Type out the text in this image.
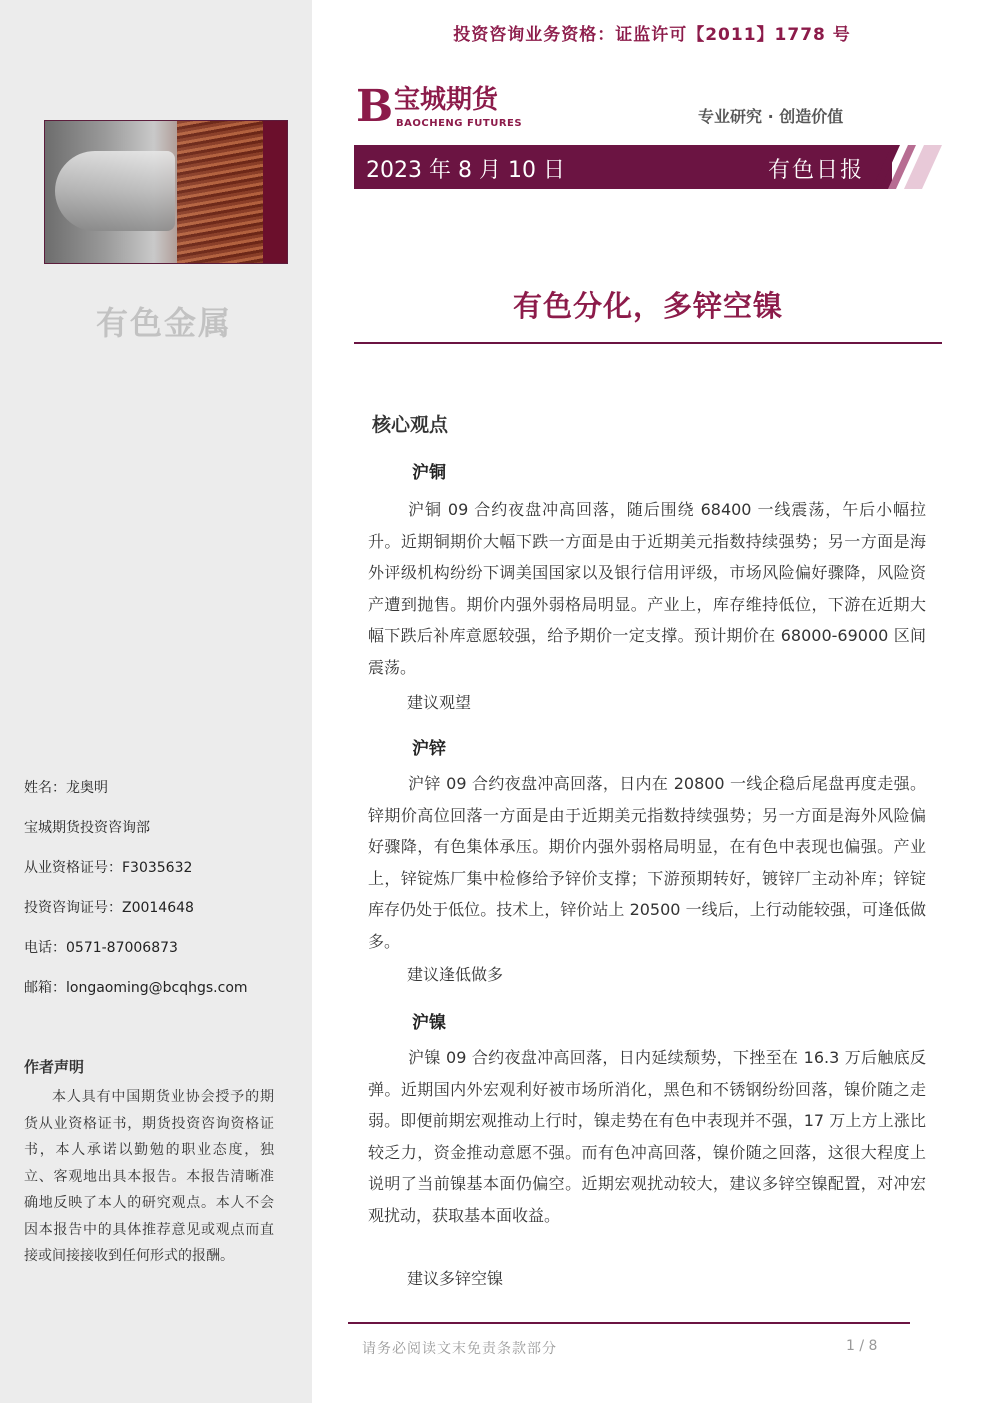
有色金属
姓名：龙奥明
宝城期货投资咨询部
从业资格证号：F3035632
投资咨询证号：Z0014648
电话：0571-87006873
邮箱：longaoming@bcqhgs.com
作者声明
本人具有中国期货业协会授予的期货从业资格证书，期货投资咨询资格证书，本人承诺以勤勉的职业态度，独立、客观地出具本报告。本报告清晰准确地反映了本人的研究观点。本人不会因本报告中的具体推荐意见或观点而直接或间接接收到任何形式的报酬。
投资咨询业务资格：证监许可【2011】1778 号
B 宝城期货
BAOCHENG FUTURES	专业研究 · 创造价值
2023 年 8 月 10 日	有色日报
有色分化，多锌空镍
核心观点
沪铜
沪铜 09 合约夜盘冲高回落，随后围绕 68400 一线震荡，午后小幅拉升。近期铜期价大幅下跌一方面是由于近期美元指数持续强势；另一方面是海外评级机构纷纷下调美国国家以及银行信用评级，市场风险偏好骤降，风险资产遭到抛售。期价内强外弱格局明显。产业上，库存维持低位，下游在近期大幅下跌后补库意愿较强，给予期价一定支撑。预计期价在 68000-69000 区间震荡。
建议观望
沪锌
沪锌 09 合约夜盘冲高回落，日内在 20800 一线企稳后尾盘再度走强。锌期价高位回落一方面是由于近期美元指数持续强势；另一方面是海外风险偏好骤降，有色集体承压。期价内强外弱格局明显，在有色中表现也偏强。产业上，锌锭炼厂集中检修给予锌价支撑；下游预期转好，镀锌厂主动补库；锌锭库存仍处于低位。技术上，锌价站上 20500 一线后，上行动能较强，可逢低做多。
建议逢低做多
沪镍
沪镍 09 合约夜盘冲高回落，日内延续颓势，下挫至在 16.3 万后触底反弹。近期国内外宏观利好被市场所消化，黑色和不锈钢纷纷回落，镍价随之走弱。即便前期宏观推动上行时，镍走势在有色中表现并不强，17 万上方上涨比较乏力，资金推动意愿不强。而有色冲高回落，镍价随之回落，这很大程度上说明了当前镍基本面仍偏空。近期宏观扰动较大，建议多锌空镍配置，对冲宏观扰动，获取基本面收益。
建议多锌空镍
请务必阅读文末免责条款部分	1 / 8
